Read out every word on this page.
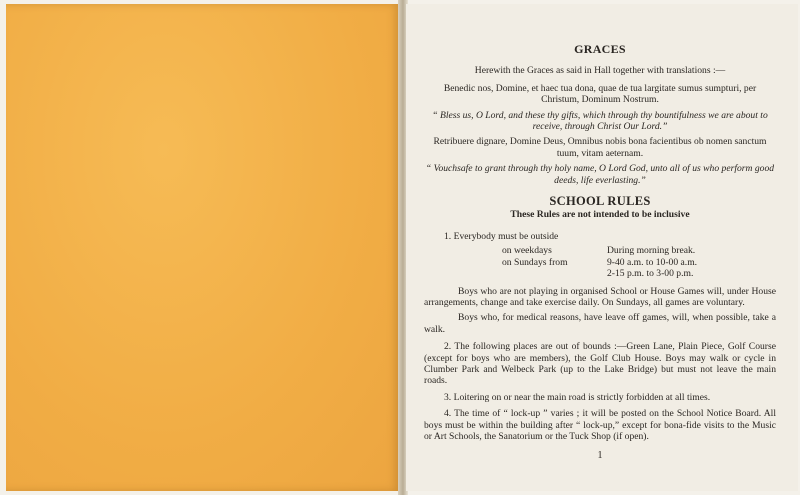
GRACES

Herewith the Graces as said in Hall together with translations :—

Benedic nos, Domine, et haec tua dona, quae de tua largitate sumus sumpturi, per Christum, Dominum Nostrum.

“ Bless us, O Lord, and these thy gifts, which through thy bountifulness we are about to receive, through Christ Our Lord.”

Retribuere dignare, Domine Deus, Omnibus nobis bona facientibus ob nomen sanctum tuum, vitam aeternam.

“ Vouchsafe to grant through thy holy name, O Lord God, unto all of us who perform good deeds, life everlasting.”

SCHOOL RULES
These Rules are not intended to be inclusive

1. Everybody must be outside

on weekdays	During morning break.
on Sundays from	9-40 a.m. to 10-00 a.m.
2-15 p.m. to 3-00 p.m.

Boys who are not playing in organised School or House Games will, under House arrangements, change and take exercise daily. On Sundays, all games are voluntary.

Boys who, for medical reasons, have leave off games, will, when possible, take a walk.

2. The following places are out of bounds :—Green Lane, Plain Piece, Golf Course (except for boys who are members), the Golf Club House. Boys may walk or cycle in Clumber Park and Welbeck Park (up to the Lake Bridge) but must not leave the main roads.

3. Loitering on or near the main road is strictly forbidden at all times.

4. The time of “ lock-up ” varies ; it will be posted on the School Notice Board. All boys must be within the building after “ lock-up,” except for bona-fide visits to the Music or Art Schools, the Sanatorium or the Tuck Shop (if open).

1
